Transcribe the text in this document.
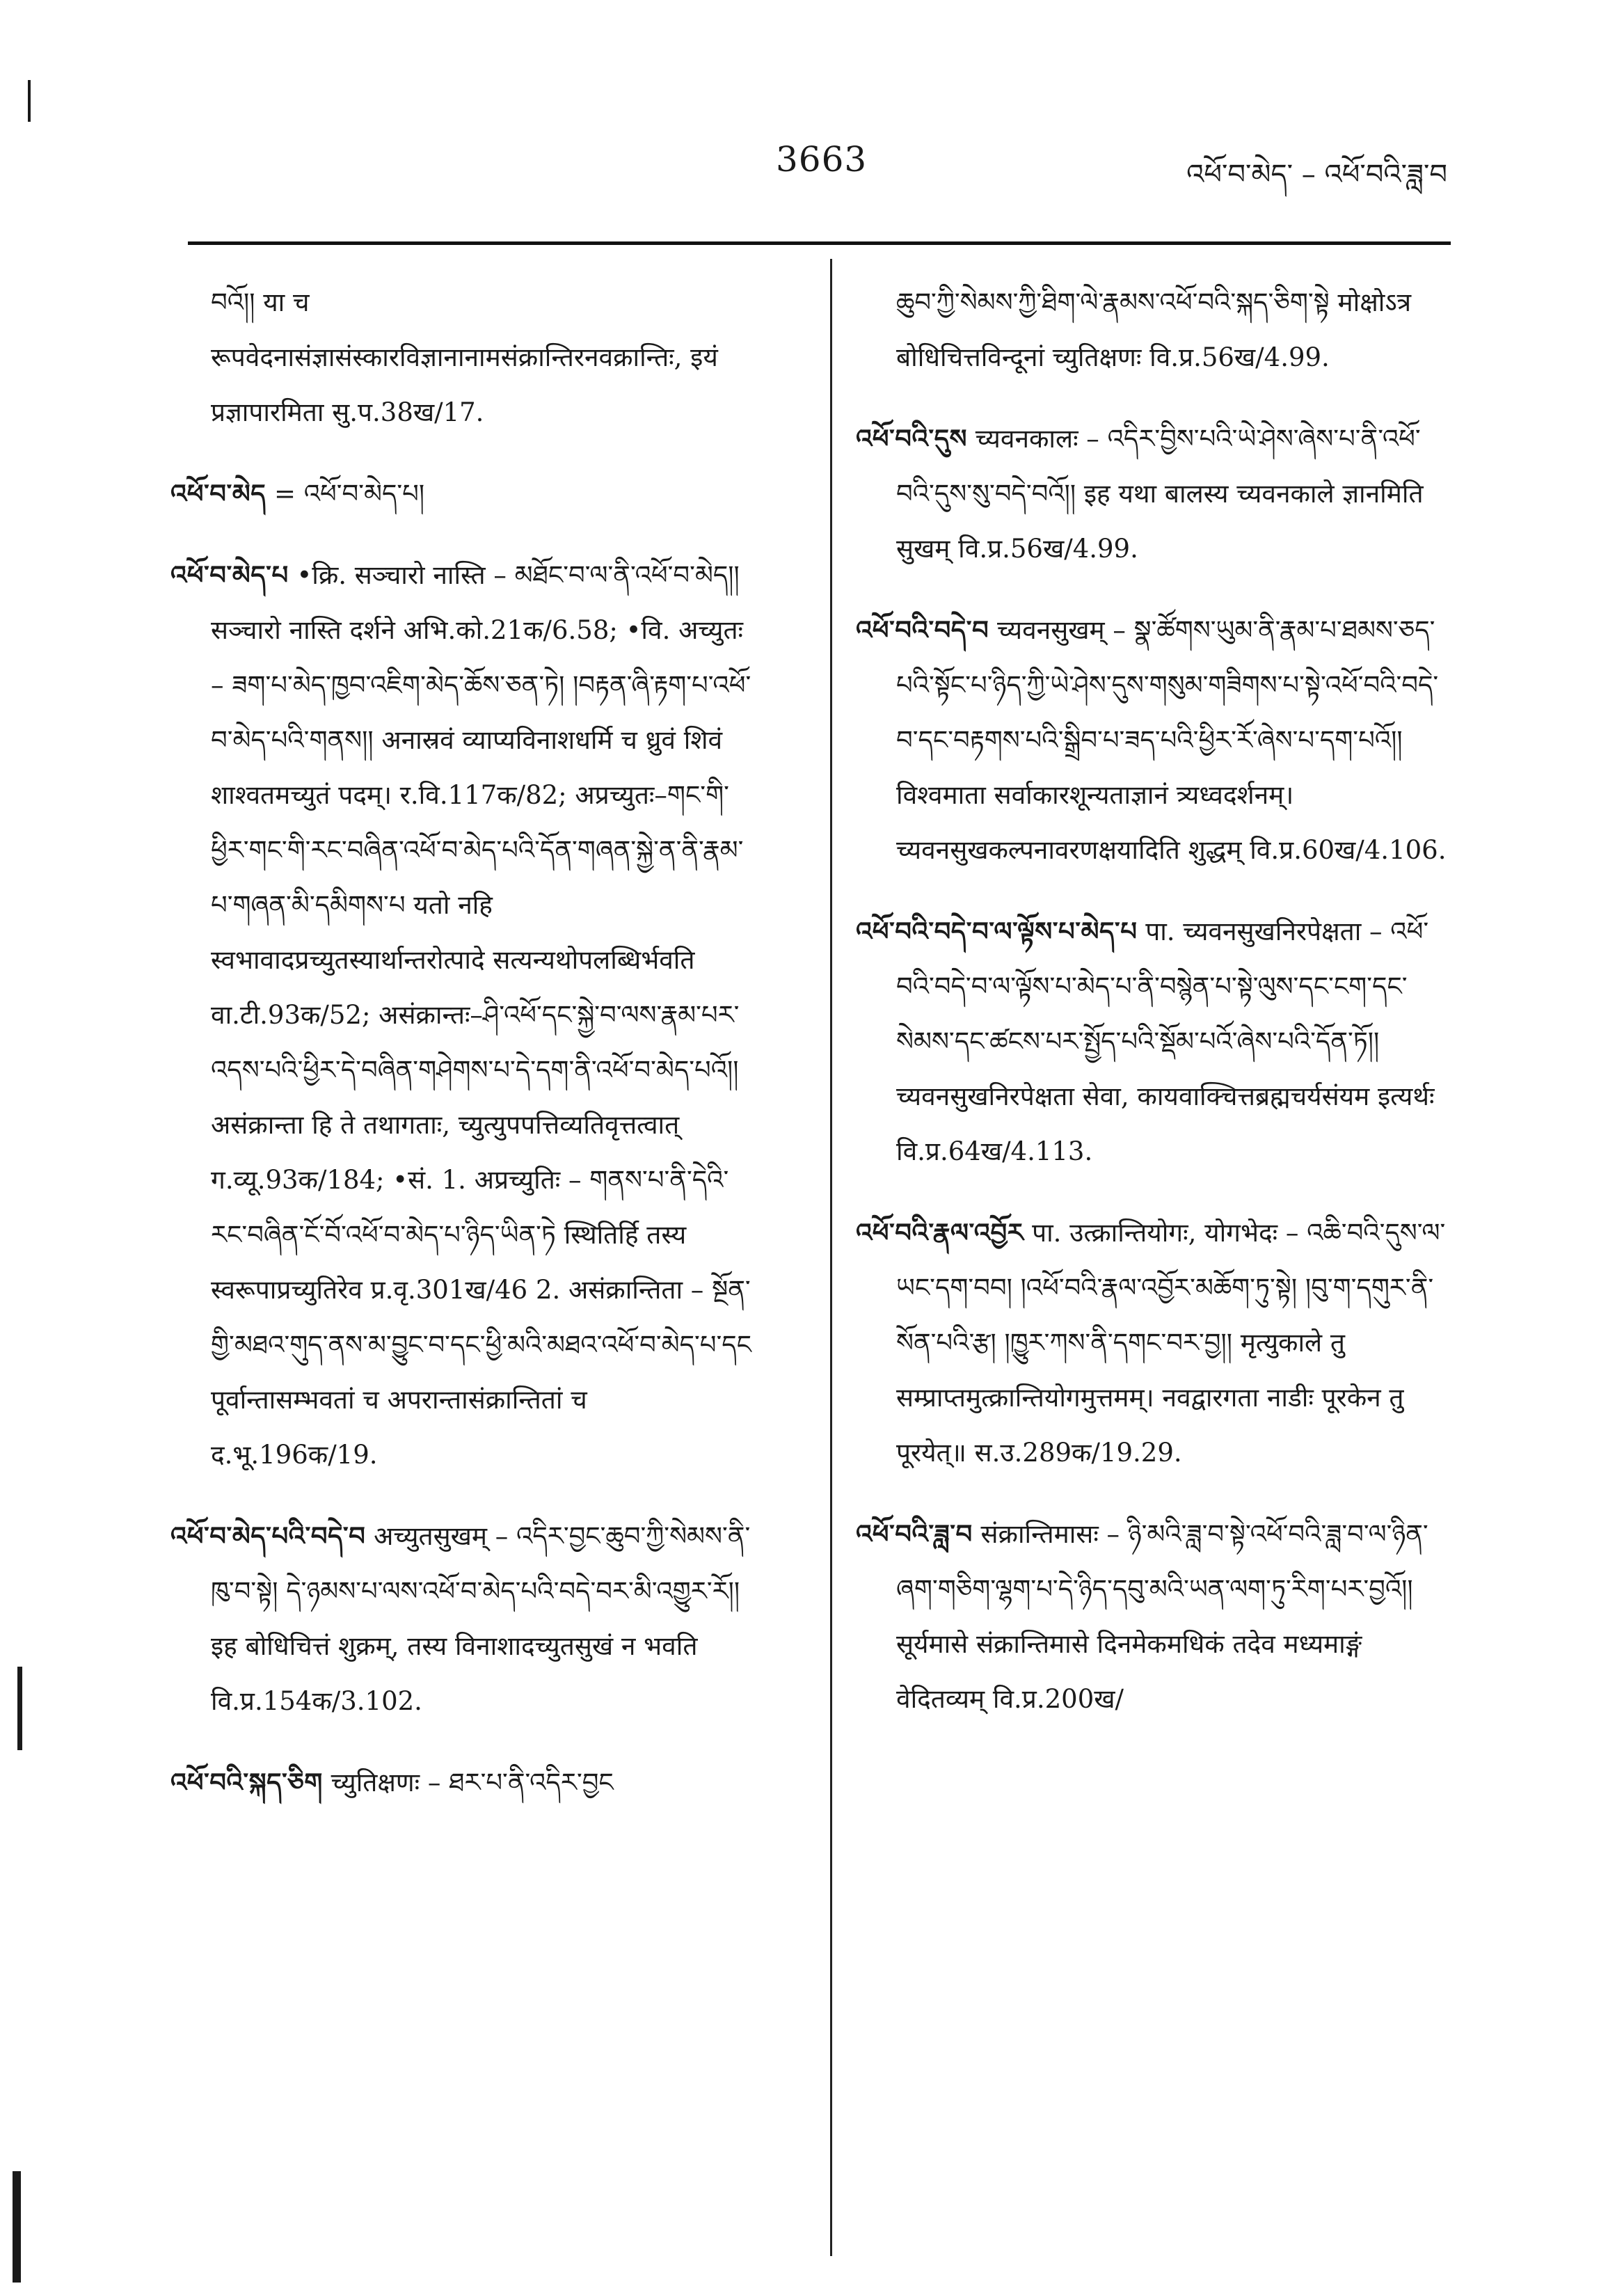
3663	འཕོ་བ་མེད་ – འཕོ་བའི་ཟླ་བ
བའོ།། या च रूपवेदनासंज्ञासंस्कारविज्ञानानामसंक्रान्तिरनवक्रान्तिः, इयं प्रज्ञापारमिता सु.प.38ख/17.
འཕོ་བ་མེད = འཕོ་བ་མེད་པ།
འཕོ་བ་མེད་པ •क्रि. सञ्चारो नास्ति – མཐོང་བ་ལ་ནི་འཕོ་བ་མེད།། सञ्चारो नास्ति दर्शने अभि.को.21क/6.58; •वि. अच्युतः – ཟག་པ་མེད་ཁྱབ་འཇིག་མེད་ཆོས་ཅན་ཏེ། །བརྟན་ཞི་རྟག་པ་འཕོ་བ་མེད་པའི་གནས།། अनास्रवं व्याप्यविनाशधर्मि च ध्रुवं शिवं शाश्वतमच्युतं पदम्। र.वि.117क/82; अप्रच्युतः–གང་གི་ཕྱིར་གང་གི་རང་བཞིན་འཕོ་བ་མེད་པའི་དོན་གཞན་སྐྱེ་ན་ནི་རྣམ་པ་གཞན་མི་དམིགས་པ यतो नहि स्वभावादप्रच्युतस्यार्थान्तरोत्पादे सत्यन्यथोपलब्धिर्भवति वा.टी.93क/52; असंक्रान्तः–ཤི་འཕོ་དང་སྐྱེ་བ་ལས་རྣམ་པར་འདས་པའི་ཕྱིར་དེ་བཞིན་གཤེགས་པ་དེ་དག་ནི་འཕོ་བ་མེད་པའོ།། असंक्रान्ता हि ते तथागताः, च्युत्युपपत्तिव्यतिवृत्तत्वात् ग.व्यू.93क/184; •सं. 1. अप्रच्युतिः – གནས་པ་ནི་དེའི་རང་བཞིན་ངོ་བོ་འཕོ་བ་མེད་པ་ཉིད་ཡིན་ཏེ स्थितिर्हि तस्य स्वरूपाप्रच्युतिरेव प्र.वृ.301ख/46 2. असंक्रान्तिता – སྔོན་གྱི་མཐའ་གུད་ནས་མ་བྱུང་བ་དང་ཕྱི་མའི་མཐའ་འཕོ་བ་མེད་པ་དང पूर्वान्तासम्भवतां च अपरान्तासंक्रान्तितां च द.भू.196क/19.
འཕོ་བ་མེད་པའི་བདེ་བ अच्युतसुखम् – འདིར་བྱང་ཆུབ་ཀྱི་སེམས་ནི་ཁུ་བ་སྟེ། དེ་ཉམས་པ་ལས་འཕོ་བ་མེད་པའི་བདེ་བར་མི་འགྱུར་རོ།། इह बोधिचित्तं शुक्रम्, तस्य विनाशादच्युतसुखं न भवति वि.प्र.154क/3.102.
འཕོ་བའི་སྐད་ཅིག च्युतिक्षणः – ཐར་པ་ནི་འདིར་བྱང
ཆུབ་ཀྱི་སེམས་ཀྱི་ཐིག་ལེ་རྣམས་འཕོ་བའི་སྐད་ཅིག་སྟེ मोक्षोऽत्र बोधिचित्तविन्दूनां च्युतिक्षणः वि.प्र.56ख/4.99.
འཕོ་བའི་དུས च्यवनकालः – འདིར་བྱིས་པའི་ཡེ་ཤེས་ཞེས་པ་ནི་འཕོ་བའི་དུས་སུ་བདེ་བའོ།། इह यथा बालस्य च्यवनकाले ज्ञानमिति सुखम् वि.प्र.56ख/4.99.
འཕོ་བའི་བདེ་བ च्यवनसुखम् – སྣ་ཚོགས་ཡུམ་ནི་རྣམ་པ་ཐམས་ཅད་པའི་སྟོང་པ་ཉིད་ཀྱི་ཡེ་ཤེས་དུས་གསུམ་གཟིགས་པ་སྟེ་འཕོ་བའི་བདེ་བ་དང་བརྟགས་པའི་སྒྲིབ་པ་ཟད་པའི་ཕྱིར་རོ་ཞེས་པ་དག་པའོ།། विश्वमाता सर्वाकारशून्यताज्ञानं त्र्यध्वदर्शनम्। च्यवनसुखकल्पनावरणक्षयादिति शुद्धम् वि.प्र.60ख/4.106.
འཕོ་བའི་བདེ་བ་ལ་ལྟོས་པ་མེད་པ पा. च्यवनसुखनिरपेक्षता – འཕོ་བའི་བདེ་བ་ལ་ལྟོས་པ་མེད་པ་ནི་བསྙེན་པ་སྟེ་ལུས་དང་ངག་དང་སེམས་དང་ཚངས་པར་སྤྱོད་པའི་སྡོམ་པའོ་ཞེས་པའི་དོན་ཏོ།། च्यवनसुखनिरपेक्षता सेवा, कायवाक्चित्तब्रह्मचर्यसंयम इत्यर्थः वि.प्र.64ख/4.113.
འཕོ་བའི་རྣལ་འབྱོར पा. उत्क्रान्तियोगः, योगभेदः – འཆི་བའི་དུས་ལ་ཡང་དག་བབ། །འཕོ་བའི་རྣལ་འབྱོར་མཆོག་ཏུ་སྟེ། །བུ་ག་དགུར་ནི་སོན་པའི་རྩ། །ཁྱུར་ཀས་ནི་དགང་བར་བྱ།། मृत्युकाले तु सम्प्राप्तमुत्क्रान्तियोगमुत्तमम्। नवद्वारगता नाडीः पूरकेन तु पूरयेत्॥ स.उ.289क/19.29.
འཕོ་བའི་ཟླ་བ संक्रान्तिमासः – ཉི་མའི་ཟླ་བ་སྟེ་འཕོ་བའི་ཟླ་བ་ལ་ཉིན་ཞག་གཅིག་ལྷག་པ་དེ་ཉིད་དབུ་མའི་ཡན་ལག་ཏུ་རིག་པར་བྱའོ།། सूर्यमासे संक्रान्तिमासे दिनमेकमधिकं तदेव मध्यमाङ्गं वेदितव्यम् वि.प्र.200ख/
